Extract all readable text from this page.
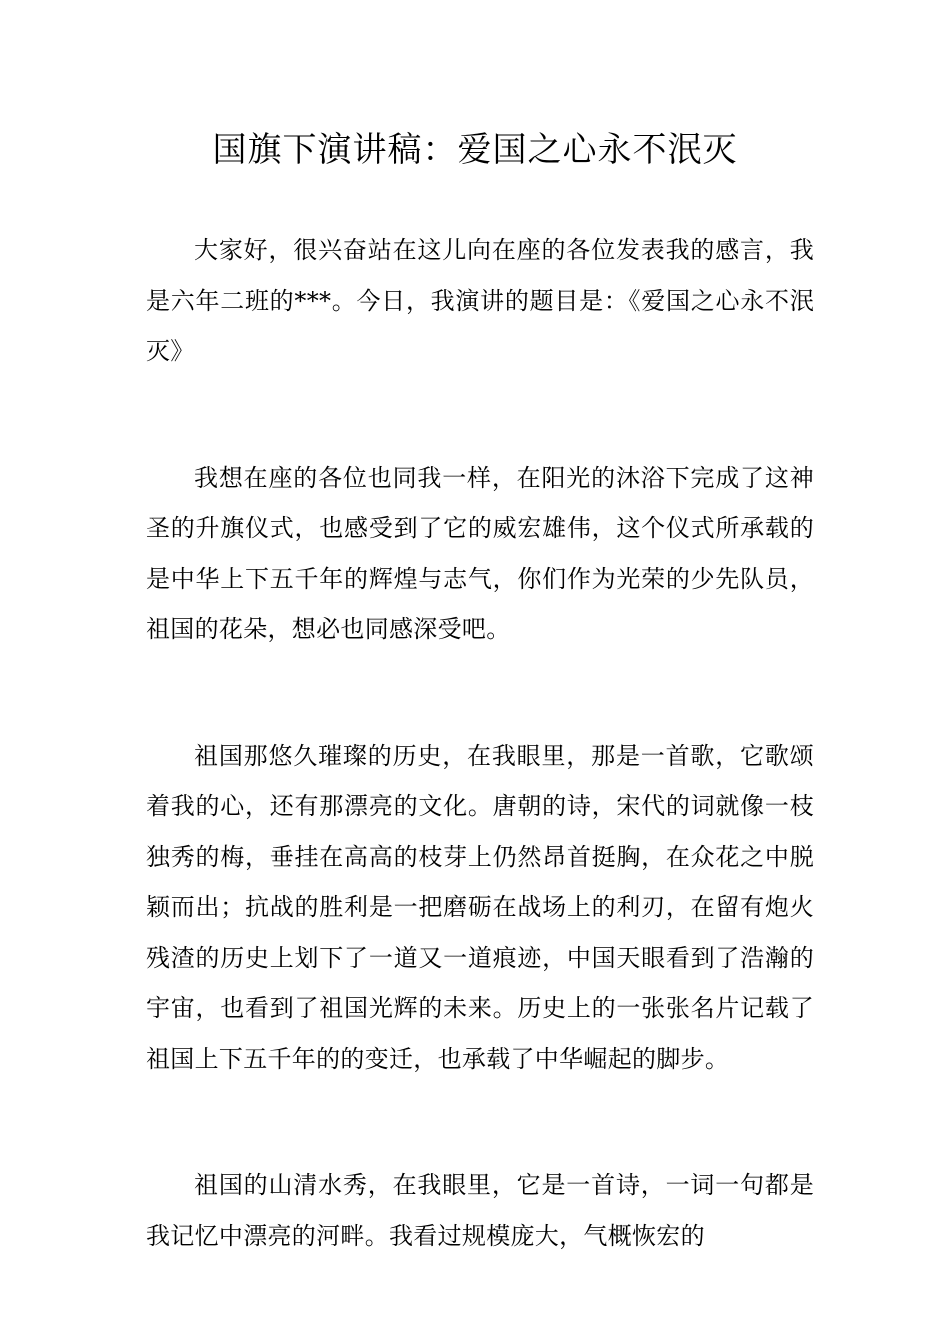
国旗下演讲稿：爱国之心永不泯灭

大家好，很兴奋站在这儿向在座的各位发表我的感言，我是六年二班的***。今日，我演讲的题目是：《爱国之心永不泯灭》

我想在座的各位也同我一样，在阳光的沐浴下完成了这神圣的升旗仪式，也感受到了它的威宏雄伟，这个仪式所承载的是中华上下五千年的辉煌与志气，你们作为光荣的少先队员，祖国的花朵，想必也同感深受吧。

祖国那悠久璀璨的历史，在我眼里，那是一首歌，它歌颂着我的心，还有那漂亮的文化。唐朝的诗，宋代的词就像一枝独秀的梅，垂挂在高高的枝芽上仍然昂首挺胸，在众花之中脱颖而出；抗战的胜利是一把磨砺在战场上的利刃，在留有炮火残渣的历史上划下了一道又一道痕迹，中国天眼看到了浩瀚的宇宙，也看到了祖国光辉的未来。历史上的一张张名片记载了祖国上下五千年的的变迁，也承载了中华崛起的脚步。

祖国的山清水秀，在我眼里，它是一首诗，一词一句都是我记忆中漂亮的河畔。我看过规模庞大，气概恢宏的
